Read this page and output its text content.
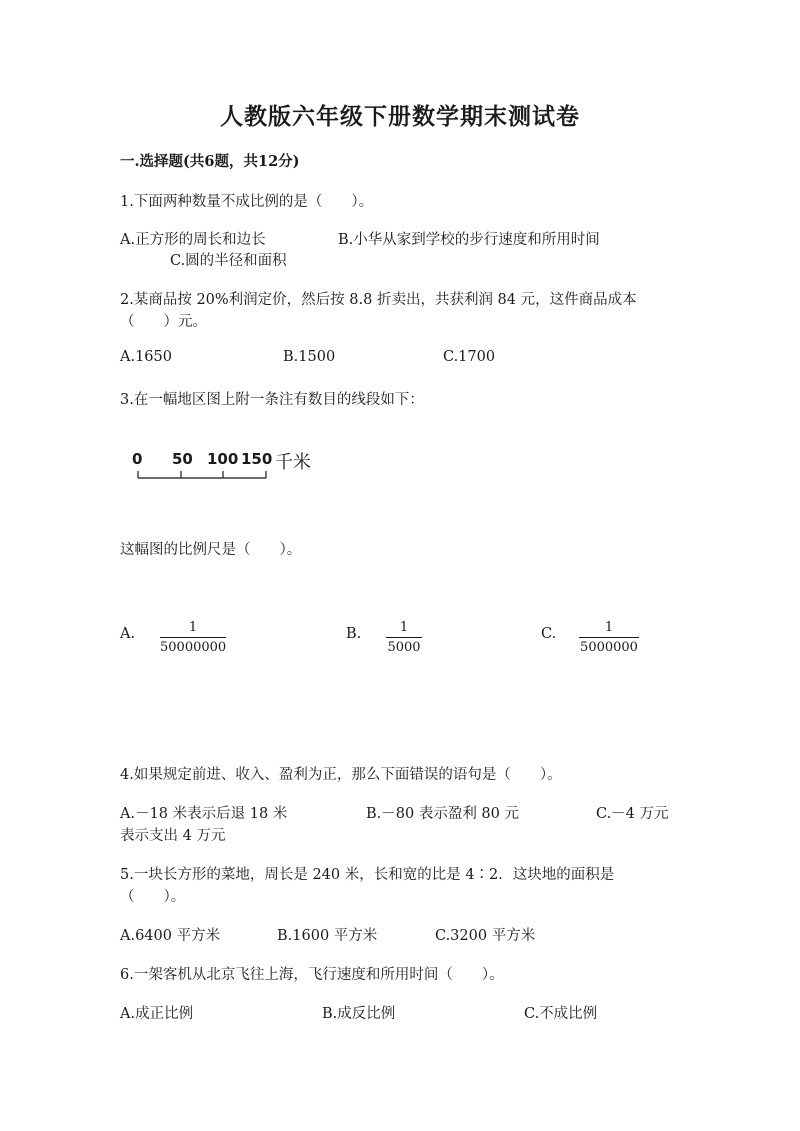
人教版六年级下册数学期末测试卷
一.选择题(共6题，共12分)
1.下面两种数量不成比例的是（　　）。
A.正方形的周长和边长	B.小华从家到学校的步行速度和所用时间
C.圆的半径和面积
2.某商品按 20%利润定价，然后按 8.8 折卖出，共获利润 84 元，这件商品成本
（　　）元。
A.1650	B.1500	C.1700
3.在一幅地区图上附一条注有数目的线段如下：
0 50 100 150 千米
这幅图的比例尺是（　　）。
A. $\frac{1}{50000000}$	B. $\frac{1}{5000}$	C. $\frac{1}{5000000}$
4.如果规定前进、收入、盈利为正，那么下面错误的语句是（　　）。
A.－18 米表示后退 18 米	B.－80 表示盈利 80 元	C.－4 万元
表示支出 4 万元
5.一块长方形的菜地，周长是 240 米，长和宽的比是 4∶2．这块地的面积是
（　　）。
A.6400 平方米	B.1600 平方米	C.3200 平方米
6.一架客机从北京飞往上海，飞行速度和所用时间（　　）。
A.成正比例	B.成反比例	C.不成比例
